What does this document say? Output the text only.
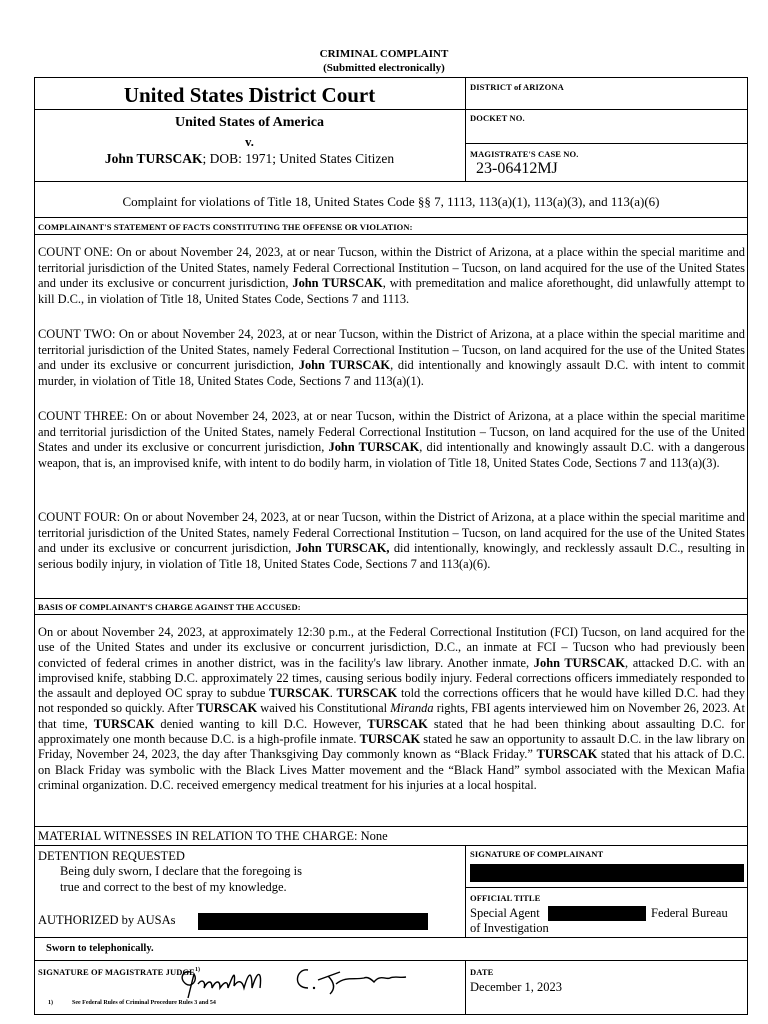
CRIMINAL COMPLAINT
(Submitted electronically)
United States District Court	DISTRICT of ARIZONA
United States of America
v.
John TURSCAK; DOB: 1971; United States Citizen
DOCKET NO.
MAGISTRATE'S CASE NO.
23-06412MJ
Complaint for violations of Title 18, United States Code §§ 7, 1113, 113(a)(1), 113(a)(3), and 113(a)(6)
COMPLAINANT'S STATEMENT OF FACTS CONSTITUTING THE OFFENSE OR VIOLATION:

COUNT ONE: On or about November 24, 2023, at or near Tucson, within the District of Arizona, at a place within the special maritime and territorial jurisdiction of the United States, namely Federal Correctional Institution – Tucson, on land acquired for the use of the United States and under its exclusive or concurrent jurisdiction, John TURSCAK, with premeditation and malice aforethought, did unlawfully attempt to kill D.C., in violation of Title 18, United States Code, Sections 7 and 1113.

COUNT TWO: On or about November 24, 2023, at or near Tucson, within the District of Arizona, at a place within the special maritime and territorial jurisdiction of the United States, namely Federal Correctional Institution – Tucson, on land acquired for the use of the United States and under its exclusive or concurrent jurisdiction, John TURSCAK, did intentionally and knowingly assault D.C. with intent to commit murder, in violation of Title 18, United States Code, Sections 7 and 113(a)(1).

COUNT THREE: On or about November 24, 2023, at or near Tucson, within the District of Arizona, at a place within the special maritime and territorial jurisdiction of the United States, namely Federal Correctional Institution – Tucson, on land acquired for the use of the United States and under its exclusive or concurrent jurisdiction, John TURSCAK, did intentionally and knowingly assault D.C. with a dangerous weapon, that is, an improvised knife, with intent to do bodily harm, in violation of Title 18, United States Code, Sections 7 and 113(a)(3).

COUNT FOUR: On or about November 24, 2023, at or near Tucson, within the District of Arizona, at a place within the special maritime and territorial jurisdiction of the United States, namely Federal Correctional Institution – Tucson, on land acquired for the use of the United States and under its exclusive or concurrent jurisdiction, John TURSCAK, did intentionally, knowingly, and recklessly assault D.C., resulting in serious bodily injury, in violation of Title 18, United States Code, Sections 7 and 113(a)(6).

BASIS OF COMPLAINANT'S CHARGE AGAINST THE ACCUSED:

On or about November 24, 2023, at approximately 12:30 p.m., at the Federal Correctional Institution (FCI) Tucson, on land acquired for the use of the United States and under its exclusive or concurrent jurisdiction, D.C., an inmate at FCI – Tucson who had previously been convicted of federal crimes in another district, was in the facility's law library. Another inmate, John TURSCAK, attacked D.C. with an improvised knife, stabbing D.C. approximately 22 times, causing serious bodily injury. Federal corrections officers immediately responded to the assault and deployed OC spray to subdue TURSCAK. TURSCAK told the corrections officers that he would have killed D.C. had they not responded so quickly. After TURSCAK waived his Constitutional Miranda rights, FBI agents interviewed him on November 26, 2023. At that time, TURSCAK denied wanting to kill D.C. However, TURSCAK stated that he had been thinking about assaulting D.C. for approximately one month because D.C. is a high-profile inmate. TURSCAK stated he saw an opportunity to assault D.C. in the law library on Friday, November 24, 2023, the day after Thanksgiving Day commonly known as “Black Friday.” TURSCAK stated that his attack of D.C. on Black Friday was symbolic with the Black Lives Matter movement and the “Black Hand” symbol associated with the Mexican Mafia criminal organization. D.C. received emergency medical treatment for his injuries at a local hospital.

MATERIAL WITNESSES IN RELATION TO THE CHARGE: None
DETENTION REQUESTED
Being duly sworn, I declare that the foregoing is
true and correct to the best of my knowledge.
AUTHORIZED by AUSAs
SIGNATURE OF COMPLAINANT
OFFICIAL TITLE
Special Agent	Federal Bureau
of Investigation
Sworn to telephonically.
SIGNATURE OF MAGISTRATE JUDGE$^{1)}$	DATE
December 1, 2023
1)	See Federal Rules of Criminal Procedure Rules 3 and 54
